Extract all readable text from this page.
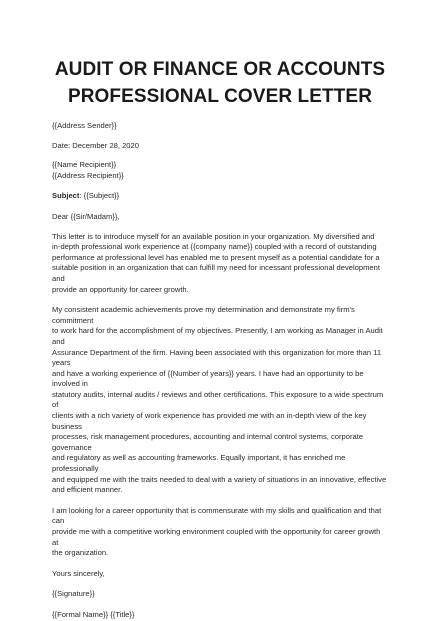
AUDIT OR FINANCE OR ACCOUNTS
PROFESSIONAL COVER LETTER

{{Address Sender}}

Date: December 28, 2020

{{Name Recipient}}

{{Address Recipient}}

Subject: {{Subject}}

Dear {{Sir/Madam}},

This letter is to introduce myself for an available position in your organization. My diversified and

in-depth professional work experience at {{company name}} coupled with a record of outstanding

performance at professional level has enabled me to present myself as a potential candidate for a

suitable position in an organization that can fulfill my need for incessant professional development and

provide an opportunity for career growth.

My consistent academic achievements prove my determination and demonstrate my firm's commitment

to work hard for the accomplishment of my objectives. Presently, I am working as Manager in Audit and

Assurance Department of the firm. Having been associated with this organization for more than 11 years

and have a working experience of {{Number of years}} years. I have had an opportunity to be involved in

statutory audits, internal audits / reviews and other certifications. This exposure to a wide spectrum of

clients with a rich variety of work experience has provided me with an in-depth view of the key business

processes, risk management procedures, accounting and internal control systems, corporate governance

and regulatory as well as accounting frameworks. Equally important, it has enriched me professionally

and equipped me with the traits needed to deal with a variety of situations in an innovative, effective

and efficient manner.

I am looking for a career opportunity that is commensurate with my skills and qualification and that can

provide me with a competitive working environment coupled with the opportunity for career growth at

the organization.

Yours sincerely,

{{Signature}}

{{Formal Name}} {{Title}}
